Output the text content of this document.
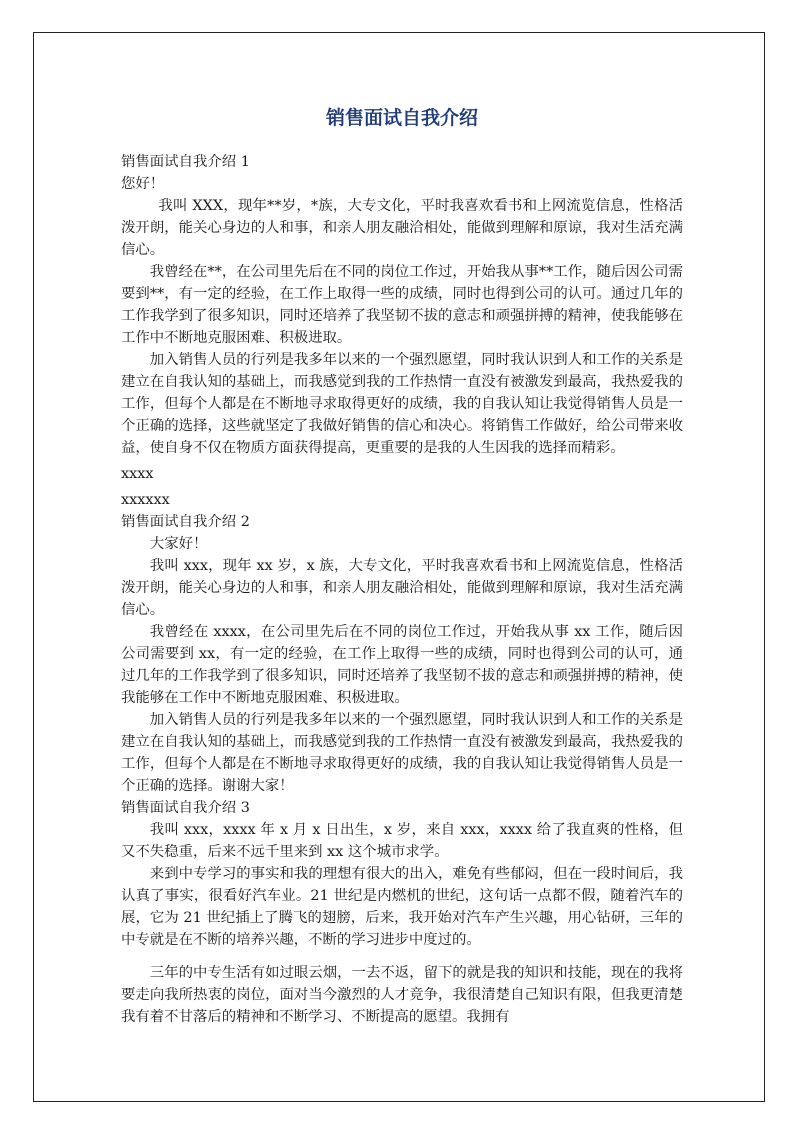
销售面试自我介绍

销售面试自我介绍 1

您好！

我叫 XXX，现年**岁，*族，大专文化，平时我喜欢看书和上网流览信息，性格活泼开朗，能关心身边的人和事，和亲人朋友融洽相处，能做到理解和原谅，我对生活充满信心。

我曾经在**，在公司里先后在不同的岗位工作过，开始我从事**工作，随后因公司需要到**，有一定的经验，在工作上取得一些的成绩，同时也得到公司的认可。通过几年的工作我学到了很多知识，同时还培养了我坚韧不拔的意志和顽强拼搏的精神，使我能够在工作中不断地克服困难、积极进取。

加入销售人员的行列是我多年以来的一个强烈愿望，同时我认识到人和工作的关系是建立在自我认知的基础上，而我感觉到我的工作热情一直没有被激发到最高，我热爱我的工作，但每个人都是在不断地寻求取得更好的成绩，我的自我认知让我觉得销售人员是一个正确的选择，这些就坚定了我做好销售的信心和决心。将销售工作做好，给公司带来收益，使自身不仅在物质方面获得提高，更重要的是我的人生因我的选择而精彩。

xxxx

xxxxxx

销售面试自我介绍 2

大家好！

我叫 xxx，现年 xx 岁，x 族，大专文化，平时我喜欢看书和上网流览信息，性格活泼开朗，能关心身边的人和事，和亲人朋友融洽相处，能做到理解和原谅，我对生活充满信心。

我曾经在 xxxx，在公司里先后在不同的岗位工作过，开始我从事 xx 工作，随后因公司需要到 xx，有一定的经验，在工作上取得一些的成绩，同时也得到公司的认可，通过几年的工作我学到了很多知识，同时还培养了我坚韧不拔的意志和顽强拼搏的精神，使我能够在工作中不断地克服困难、积极进取。

加入销售人员的行列是我多年以来的一个强烈愿望，同时我认识到人和工作的关系是建立在自我认知的基础上，而我感觉到我的工作热情一直没有被激发到最高，我热爱我的工作，但每个人都是在不断地寻求取得更好的成绩，我的自我认知让我觉得销售人员是一个正确的选择。谢谢大家！

销售面试自我介绍 3

我叫 xxx，xxxx 年 x 月 x 日出生，x 岁，来自 xxx，xxxx 给了我直爽的性格，但又不失稳重，后来不远千里来到 xx 这个城市求学。

来到中专学习的事实和我的理想有很大的出入，难免有些郁闷，但在一段时间后，我认真了事实，很看好汽车业。21 世纪是内燃机的世纪，这句话一点都不假，随着汽车的展，它为 21 世纪插上了腾飞的翅膀，后来，我开始对汽车产生兴趣，用心钻研，三年的中专就是在不断的培养兴趣，不断的学习进步中度过的。

三年的中专生活有如过眼云烟，一去不返，留下的就是我的知识和技能，现在的我将要走向我所热衷的岗位，面对当今激烈的人才竞争，我很清楚自己知识有限，但我更清楚我有着不甘落后的精神和不断学习、不断提高的愿望。我拥有
